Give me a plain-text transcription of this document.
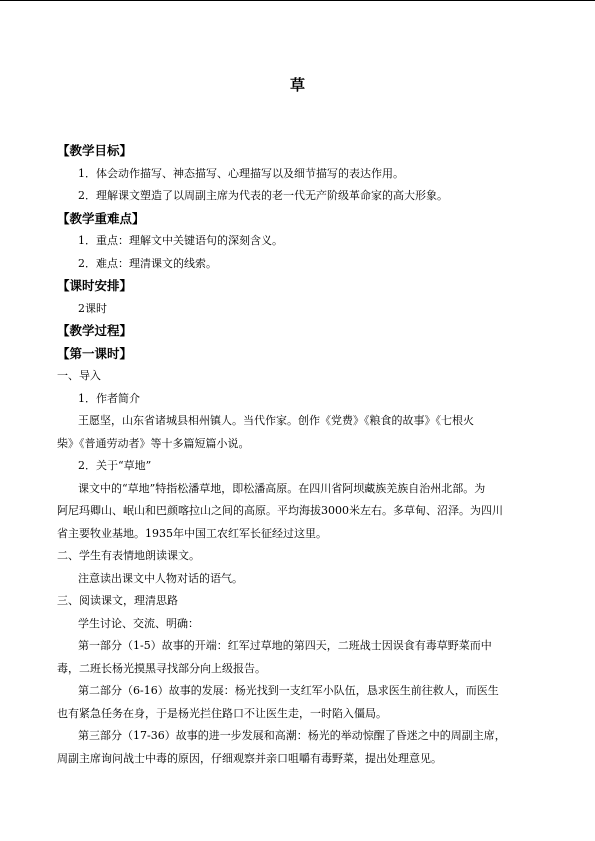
草
【教学目标】
1．体会动作描写、神态描写、心理描写以及细节描写的表达作用。
2．理解课文塑造了以周副主席为代表的老一代无产阶级革命家的高大形象。
【教学重难点】
1．重点：理解文中关键语句的深刻含义。
2．难点：理清课文的线索。
【课时安排】
2课时
【教学过程】
【第一课时】
一、导入
1．作者简介
王愿坚，山东省诸城县相州镇人。当代作家。创作《党费》《粮食的故事》《七根火
柴》《普通劳动者》等十多篇短篇小说。
2．关于“草地”
课文中的“草地”特指松潘草地，即松潘高原。在四川省阿坝藏族羌族自治州北部。为
阿尼玛卿山、岷山和巴颜喀拉山之间的高原。平均海拔3000米左右。多草甸、沼泽。为四川
省主要牧业基地。1935年中国工农红军长征经过这里。
二、学生有表情地朗读课文。
注意读出课文中人物对话的语气。
三、阅读课文，理清思路
学生讨论、交流、明确：
第一部分（1-5）故事的开端：红军过草地的第四天，二班战士因误食有毒草野菜而中
毒，二班长杨光摸黑寻找部分向上级报告。
第二部分（6-16）故事的发展：杨光找到一支红军小队伍，恳求医生前往救人，而医生
也有紧急任务在身，于是杨光拦住路口不让医生走，一时陷入僵局。
第三部分（17-36）故事的进一步发展和高潮：杨光的举动惊醒了昏迷之中的周副主席，
周副主席询问战士中毒的原因，仔细观察并亲口咀嚼有毒野菜，提出处理意见。
